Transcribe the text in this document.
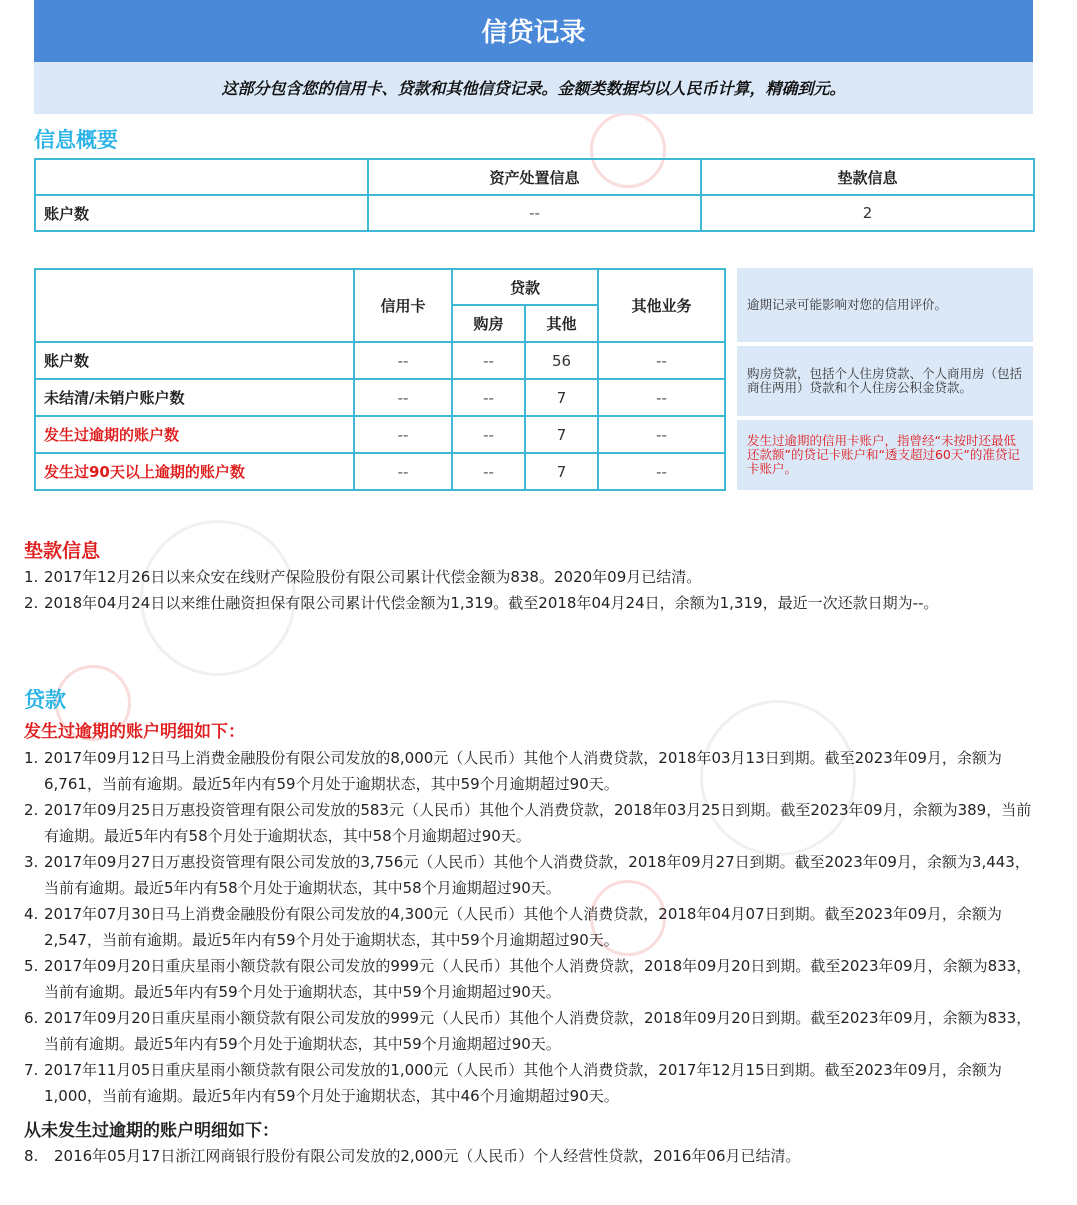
信贷记录
这部分包含您的信用卡、贷款和其他信贷记录。金额类数据均以人民币计算，精确到元。
信息概要
	资产处置信息	垫款信息
账户数	--	2
	信用卡	贷款		其他业务
		购房	其他	
账户数	--	--	56	--
未结清/未销户账户数	--	--	7	--
发生过逾期的账户数	--	--	7	--
发生过90天以上逾期的账户数	--	--	7	--
逾期记录可能影响对您的信用评价。
购房贷款，包括个人住房贷款、个人商用房（包括商住两用）贷款和个人住房公积金贷款。
发生过逾期的信用卡账户，指曾经“未按时还最低还款额”的贷记卡账户和“透支超过60天”的准贷记卡账户。
垫款信息
1. 2017年12月26日以来众安在线财产保险股份有限公司累计代偿金额为838。2020年09月已结清。
2. 2018年04月24日以来维仕融资担保有限公司累计代偿金额为1,319。截至2018年04月24日，余额为1,319，最近一次还款日期为--。
贷款
发生过逾期的账户明细如下：
1. 2017年09月12日马上消费金融股份有限公司发放的8,000元（人民币）其他个人消费贷款，2018年03月13日到期。截至2023年09月，余额为6,761，当前有逾期。最近5年内有59个月处于逾期状态，其中59个月逾期超过90天。
2. 2017年09月25日万惠投资管理有限公司发放的583元（人民币）其他个人消费贷款，2018年03月25日到期。截至2023年09月，余额为389，当前有逾期。最近5年内有58个月处于逾期状态，其中58个月逾期超过90天。
3. 2017年09月27日万惠投资管理有限公司发放的3,756元（人民币）其他个人消费贷款，2018年09月27日到期。截至2023年09月，余额为3,443，当前有逾期。最近5年内有58个月处于逾期状态，其中58个月逾期超过90天。
4. 2017年07月30日马上消费金融股份有限公司发放的4,300元（人民币）其他个人消费贷款，2018年04月07日到期。截至2023年09月，余额为2,547，当前有逾期。最近5年内有59个月处于逾期状态，其中59个月逾期超过90天。
5. 2017年09月20日重庆星雨小额贷款有限公司发放的999元（人民币）其他个人消费贷款，2018年09月20日到期。截至2023年09月，余额为833，当前有逾期。最近5年内有59个月处于逾期状态，其中59个月逾期超过90天。
6. 2017年09月20日重庆星雨小额贷款有限公司发放的999元（人民币）其他个人消费贷款，2018年09月20日到期。截至2023年09月，余额为833，当前有逾期。最近5年内有59个月处于逾期状态，其中59个月逾期超过90天。
7. 2017年11月05日重庆星雨小额贷款有限公司发放的1,000元（人民币）其他个人消费贷款，2017年12月15日到期。截至2023年09月，余额为1,000，当前有逾期。最近5年内有59个月处于逾期状态，其中46个月逾期超过90天。
从未发生过逾期的账户明细如下：
8.	2016年05月17日浙江网商银行股份有限公司发放的2,000元（人民币）个人经营性贷款，2016年06月已结清。
